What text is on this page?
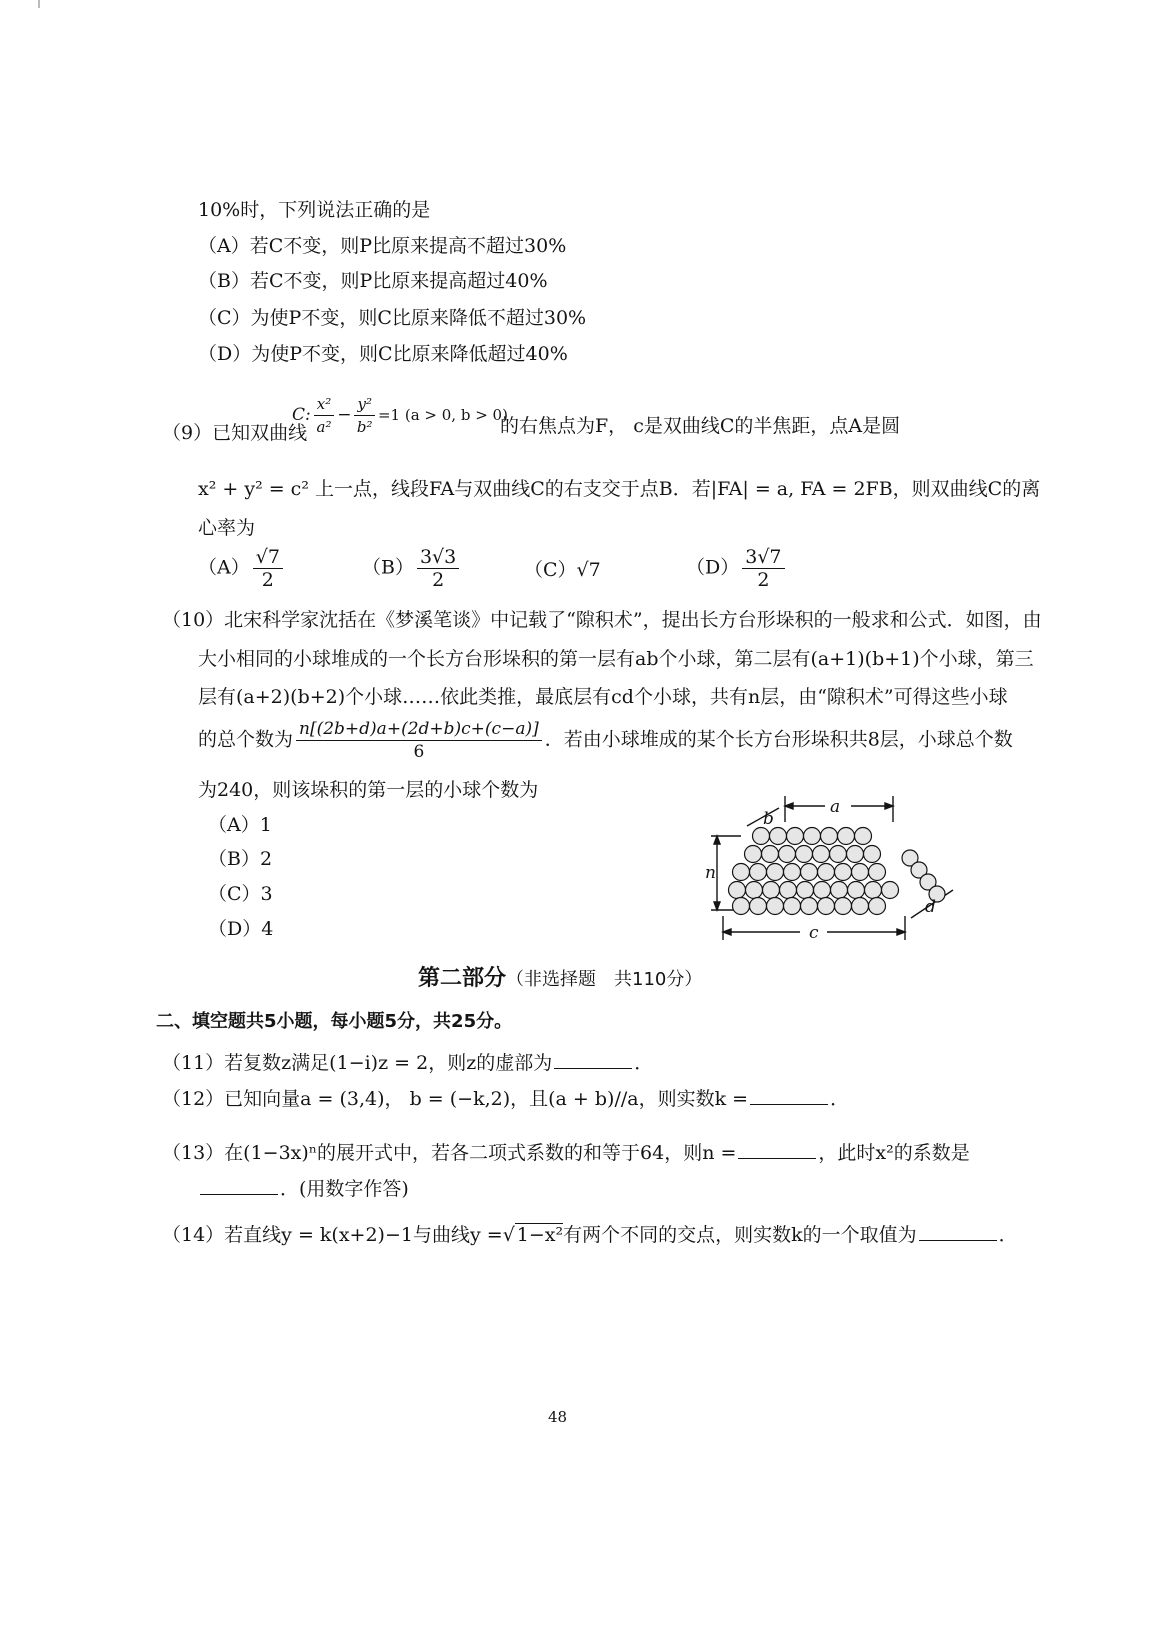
10%时，下列说法正确的是
（A）若C不变，则P比原来提高不超过30%
（B）若C不变，则P比原来提高超过40%
（C）为使P不变，则C比原来降低不超过30%
（D）为使P不变，则C比原来降低超过40%
（9）已知双曲线
C: $\frac{\text{x²}}{\text{a²}} - \frac{\text{y²}}{\text{b²}} =1$ (a > 0, b > 0)
的右焦点为F， c是双曲线C的半焦距，点A是圆
x² + y² = c² 上一点，线段FA与双曲线C的右支交于点B．若|FA| = a, FA = 2FB，则双曲线C的离
心率为
$(A) \frac{√7}{2}$	$(B) \frac{3√3}{2}$	（C）√7	$(D) \frac{3√7}{2}$
（10）北宋科学家沈括在《梦溪笔谈》中记载了“隙积术”，提出长方台形垛积的一般求和公式．如图，由
大小相同的小球堆成的一个长方台形垛积的第一层有ab个小球，第二层有(a+1)(b+1)个小球，第三
层有(a+2)(b+2)个小球……依此类推，最底层有cd个小球，共有n层，由“隙积术”可得这些小球
的总个数为 $\frac{n[(2b+d)a+(2d+b)c+(c-a)]}{6}$ ．若由小球堆成的某个长方台形垛积共8层，小球总个数
为240，则该垛积的第一层的小球个数为
（A）1
（B）2
（C）3
（D）4
a
b
n
c
d
第二部分（非选择题　共110分）
二、填空题共5小题，每小题5分，共25分。
（11）若复数z满足(1−i)z = 2，则z的虚部为	．
（12）已知向量a = (3,4)， b = (−k,2)，且(a + b)//a，则实数k =	．
（13）在(1−3x)ⁿ的展开式中，若各二项式系数的和等于64，则n =	，此时x²的系数是
．(用数字作答)
（14）若直线y = k(x+2)−1与曲线y =√ 1−x²有两个不同的交点，则实数k的一个取值为	．
48
